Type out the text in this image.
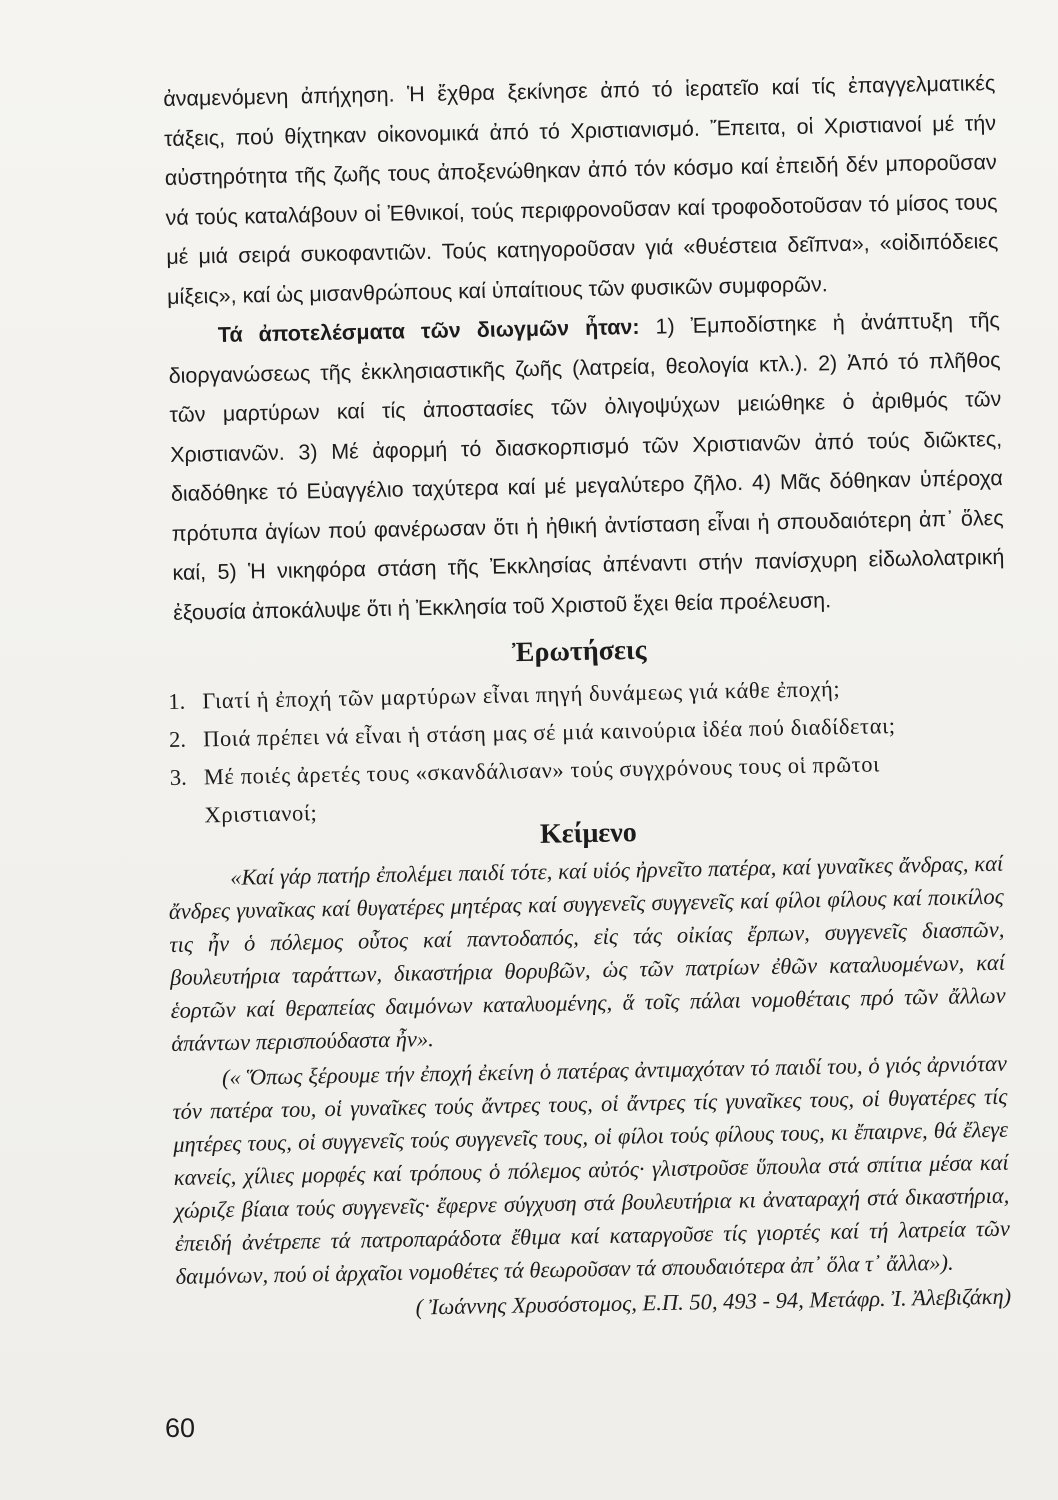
ἀναμενόμενη ἀπήχηση. Ἡ ἔχθρα ξεκίνησε ἀπό τό ἱερατεῖο καί τίς ἐπαγγελματικές τάξεις, πού θίχτηκαν οἰκονομικά ἀπό τό Χριστιανισμό. Ἔπειτα, οἱ Χριστιανοί μέ τήν αὐστηρότητα τῆς ζωῆς τους ἀποξενώθηκαν ἀπό τόν κόσμο καί ἐπειδή δέν μποροῦσαν νά τούς καταλάβουν οἱ Ἐθνικοί, τούς περιφρονοῦσαν καί τροφοδοτοῦσαν τό μίσος τους μέ μιά σειρά συκοφαντιῶν. Τούς κατηγοροῦσαν γιά «θυέστεια δεῖπνα», «οἰδιπόδειες μίξεις», καί ὡς μισανθρώπους καί ὑπαίτιους τῶν φυσικῶν συμφορῶν.

Τά ἀποτελέσματα τῶν διωγμῶν ἦταν: 1) Ἐμποδίστηκε ἡ ἀνάπτυξη τῆς διοργανώσεως τῆς ἐκκλησιαστικῆς ζωῆς (λατρεία, θεολογία κτλ.). 2) Ἀπό τό πλῆθος τῶν μαρτύρων καί τίς ἀποστασίες τῶν ὀλιγοψύχων μειώθηκε ὁ ἀριθμός τῶν Χριστιανῶν. 3) Μέ ἀφορμή τό διασκορπισμό τῶν Χριστιανῶν ἀπό τούς διῶκτες, διαδόθηκε τό Εὐαγγέλιο ταχύτερα καί μέ μεγαλύτερο ζῆλο. 4) Μᾶς δόθηκαν ὑπέροχα πρότυπα ἁγίων πού φανέρωσαν ὅτι ἡ ἠθική ἀντίσταση εἶναι ἡ σπουδαιότερη ἀπ᾿ ὅλες καί, 5) Ἡ νικηφόρα στάση τῆς Ἐκκλησίας ἀπέναντι στήν πανίσχυρη εἰδωλολατρική ἐξουσία ἀποκάλυψε ὅτι ἡ Ἐκκλησία τοῦ Χριστοῦ ἔχει θεία προέλευση.

Ἐρωτήσεις

1. Γιατί ἡ ἐποχή τῶν μαρτύρων εἶναι πηγή δυνάμεως γιά κάθε ἐποχή;

2. Ποιά πρέπει νά εἶναι ἡ στάση μας σέ μιά καινούρια ἰδέα πού διαδίδεται;

3. Μέ ποιές ἀρετές τους «σκανδάλισαν» τούς συγχρόνους τους οἱ πρῶτοι

Χριστιανοί;

Κείμενο

«Καί γάρ πατήρ ἐπολέμει παιδί τότε, καί υἱός ἠρνεῖτο πατέρα, καί γυναῖκες ἄνδρας, καί ἄνδρες γυναῖκας καί θυγατέρες μητέρας καί συγγενεῖς συγγενεῖς καί φίλοι φίλους καί ποικίλος τις ἦν ὁ πόλεμος οὗτος καί παντοδαπός, εἰς τάς οἰκίας ἔρπων, συγγενεῖς διασπῶν, βουλευτήρια ταράττων, δικαστήρια θορυβῶν, ὡς τῶν πατρίων ἐθῶν καταλυομένων, καί ἑορτῶν καί θεραπείας δαιμόνων καταλυομένης, ἅ τοῖς πάλαι νομοθέταις πρό τῶν ἄλλων ἁπάντων περισπούδαστα ἦν».

(« Ὅπως ξέρουμε τήν ἐποχή ἐκείνη ὁ πατέρας ἀντιμαχόταν τό παιδί του, ὁ γιός ἀρνιόταν τόν πατέρα του, οἱ γυναῖκες τούς ἄντρες τους, οἱ ἄντρες τίς γυναῖκες τους, οἱ θυγατέρες τίς μητέρες τους, οἱ συγγενεῖς τούς συγγενεῖς τους, οἱ φίλοι τούς φίλους τους, κι ἔπαιρνε, θά ἔλεγε κανείς, χίλιες μορφές καί τρόπους ὁ πόλεμος αὐτός· γλιστροῦσε ὕπουλα στά σπίτια μέσα καί χώριζε βίαια τούς συγγενεῖς· ἔφερνε σύγχυση στά βουλευτήρια κι ἀναταραχή στά δικαστήρια, ἐπειδή ἀνέτρεπε τά πατροπαράδοτα ἔθιμα καί καταργοῦσε τίς γιορτές καί τή λατρεία τῶν δαιμόνων, πού οἱ ἀρχαῖοι νομοθέτες τά θεωροῦσαν τά σπουδαιότερα ἀπ᾿ ὅλα τ᾿ ἄλλα»).

( Ἰωάννης Χρυσόστομος, Ε.Π. 50, 493 - 94, Μετάφρ. Ἰ. Ἀλεβιζάκη)

60
